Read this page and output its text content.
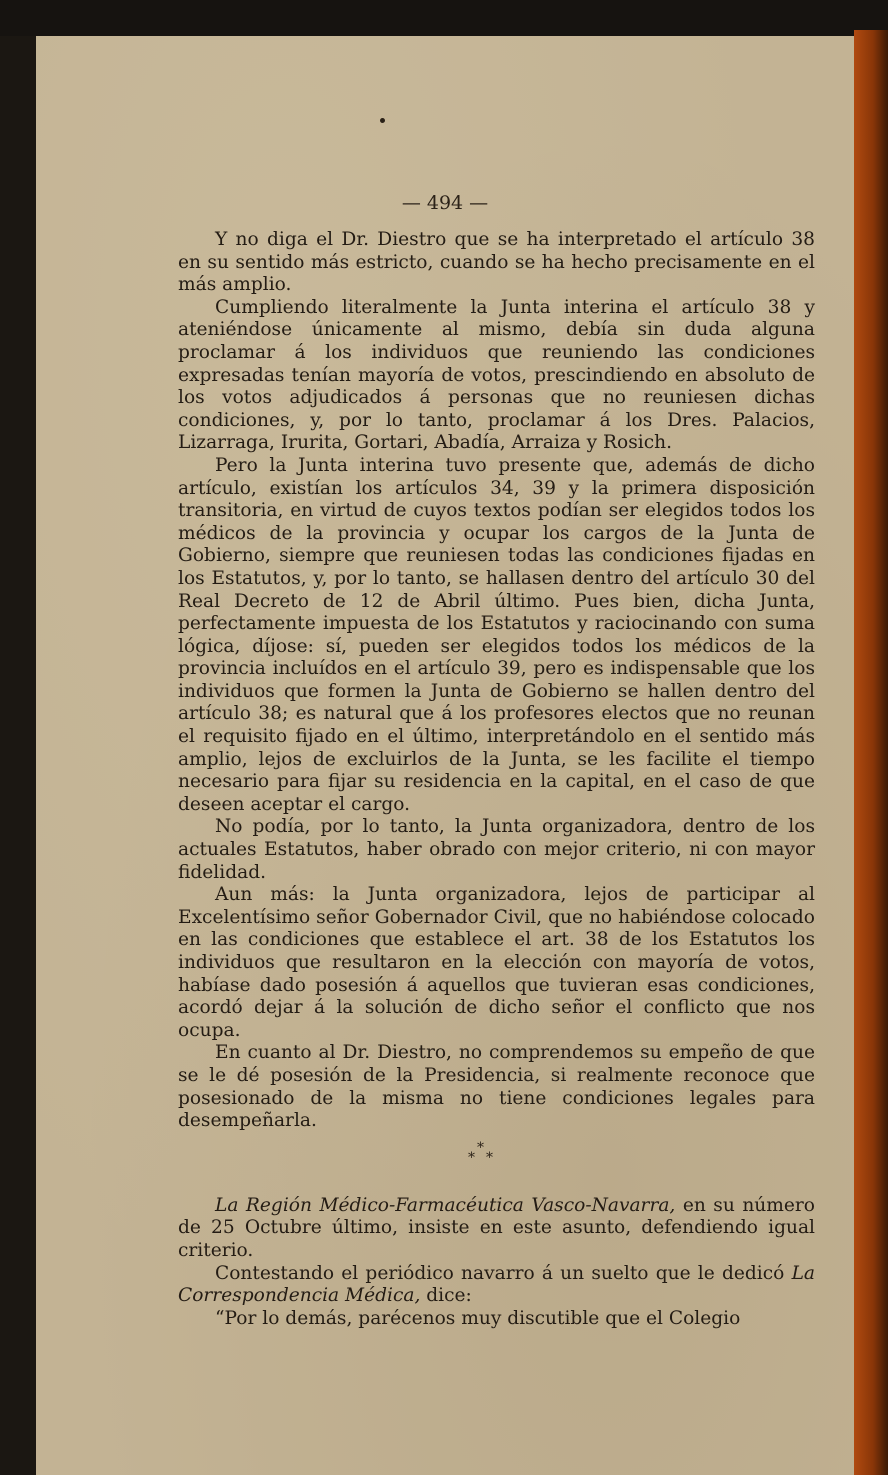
— 494 —

Y no diga el Dr. Diestro que se ha interpretado el artículo 38 en su sentido más estricto, cuando se ha hecho precisamente en el más amplio.

Cumpliendo literalmente la Junta interina el artículo 38 y ateniéndose únicamente al mismo, debía sin duda alguna proclamar á los individuos que reuniendo las condiciones expresadas tenían mayoría de votos, prescindiendo en absoluto de los votos adjudicados á personas que no reuniesen dichas condiciones, y, por lo tanto, proclamar á los Dres. Palacios, Lizarraga, Irurita, Gortari, Abadía, Arraiza y Rosich.

Pero la Junta interina tuvo presente que, además de dicho artículo, existían los artículos 34, 39 y la primera disposición transitoria, en virtud de cuyos textos podían ser elegidos todos los médicos de la provincia y ocupar los cargos de la Junta de Gobierno, siempre que reuniesen todas las condiciones fijadas en los Estatutos, y, por lo tanto, se hallasen dentro del artículo 30 del Real Decreto de 12 de Abril último. Pues bien, dicha Junta, perfectamente impuesta de los Estatutos y raciocinando con suma lógica, díjose: sí, pueden ser elegidos todos los médicos de la provincia incluídos en el artículo 39, pero es indispensable que los individuos que formen la Junta de Gobierno se hallen dentro del artículo 38; es natural que á los profesores electos que no reunan el requisito fijado en el último, interpretándolo en el sentido más amplio, lejos de excluirlos de la Junta, se les facilite el tiempo necesario para fijar su residencia en la capital, en el caso de que deseen aceptar el cargo.

No podía, por lo tanto, la Junta organizadora, dentro de los actuales Estatutos, haber obrado con mejor criterio, ni con mayor fidelidad.

Aun más: la Junta organizadora, lejos de participar al Excelentísimo señor Gobernador Civil, que no habiéndose colocado en las condiciones que establece el art. 38 de los Estatutos los individuos que resultaron en la elección con mayoría de votos, habíase dado posesión á aquellos que tuvieran esas condiciones, acordó dejar á la solución de dicho señor el conflicto que nos ocupa.

En cuanto al Dr. Diestro, no comprendemos su empeño de que se le dé posesión de la Presidencia, si realmente reconoce que posesionado de la misma no tiene condiciones legales para desempeñarla.

*
* *

La Región Médico-Farmacéutica Vasco-Navarra, en su número de 25 Octubre último, insiste en este asunto, defendiendo igual criterio.

Contestando el periódico navarro á un suelto que le dedicó La Correspondencia Médica, dice:

“Por lo demás, parécenos muy discutible que el Colegio
